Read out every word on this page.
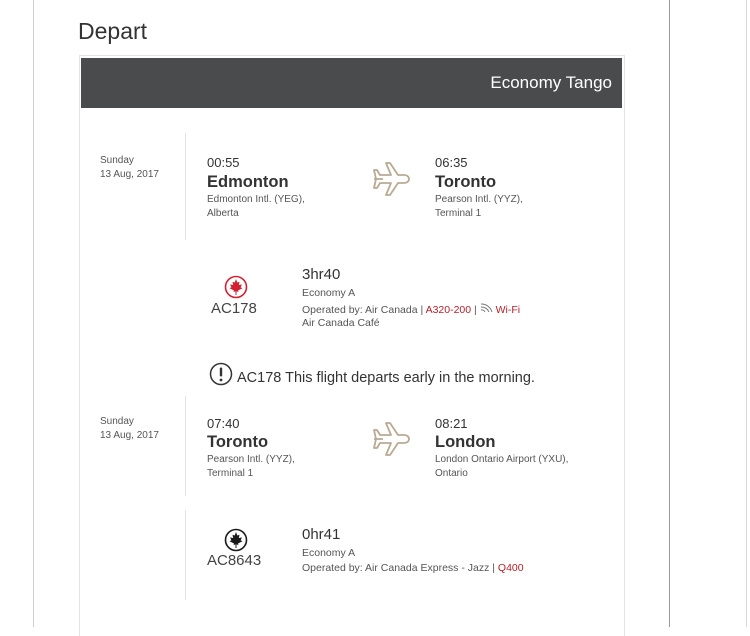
Depart
Economy Tango
Sunday
13 Aug, 2017
00:55
Edmonton
Edmonton Intl. (YEG),
Alberta
06:35
Toronto
Pearson Intl. (YYZ),
Terminal 1
AC178
3hr40
Economy A
Operated by: Air Canada | A320-200 | Wi-Fi
Air Canada Café
AC178 This flight departs early in the morning.
Sunday
13 Aug, 2017
07:40
Toronto
Pearson Intl. (YYZ),
Terminal 1
08:21
London
London Ontario Airport (YXU),
Ontario
AC8643
0hr41
Economy A
Operated by: Air Canada Express - Jazz | Q400
